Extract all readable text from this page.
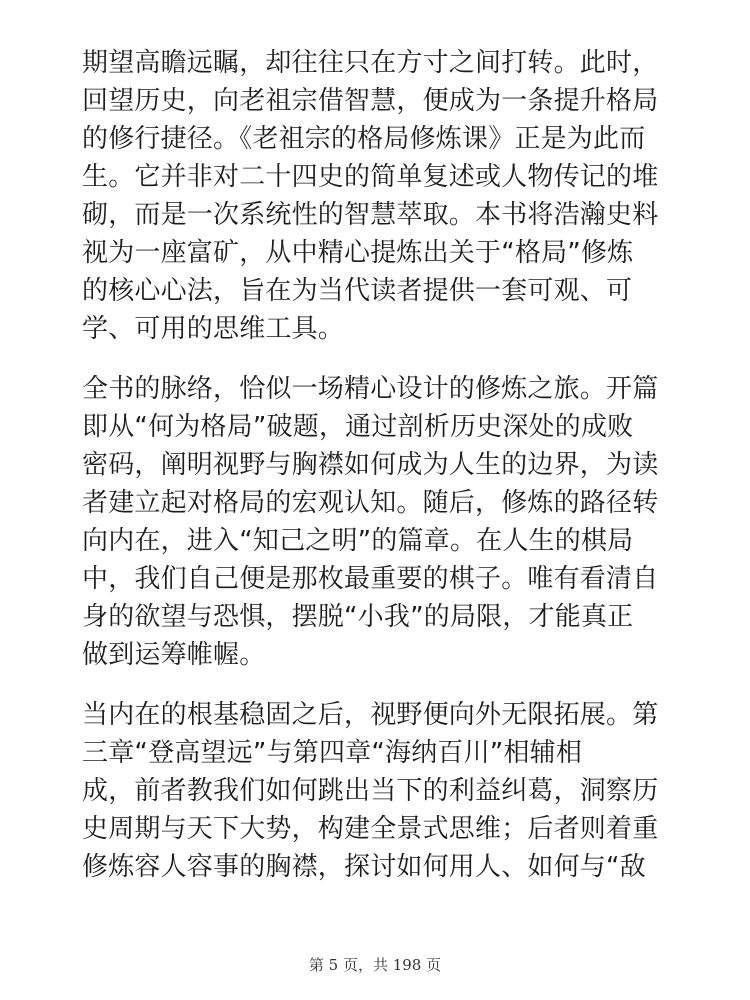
期望高瞻远瞩，却往往只在方寸之间打转。此时，
回望历史，向老祖宗借智慧，便成为一条提升格局
的修行捷径。《老祖宗的格局修炼课》正是为此而
生。它并非对二十四史的简单复述或人物传记的堆
砌，而是一次系统性的智慧萃取。本书将浩瀚史料
视为一座富矿，从中精心提炼出关于“格局”修炼
的核心心法，旨在为当代读者提供一套可观、可
学、可用的思维工具。

全书的脉络，恰似一场精心设计的修炼之旅。开篇
即从“何为格局”破题，通过剖析历史深处的成败
密码，阐明视野与胸襟如何成为人生的边界，为读
者建立起对格局的宏观认知。随后，修炼的路径转
向内在，进入“知己之明”的篇章。在人生的棋局
中，我们自己便是那枚最重要的棋子。唯有看清自
身的欲望与恐惧，摆脱“小我”的局限，才能真正
做到运筹帷幄。

当内在的根基稳固之后，视野便向外无限拓展。第
三章“登高望远”与第四章“海纳百川”相辅相
成，前者教我们如何跳出当下的利益纠葛，洞察历
史周期与天下大势，构建全景式思维；后者则着重
修炼容人容事的胸襟，探讨如何用人、如何与“敌

第 5 页，共 198 页
